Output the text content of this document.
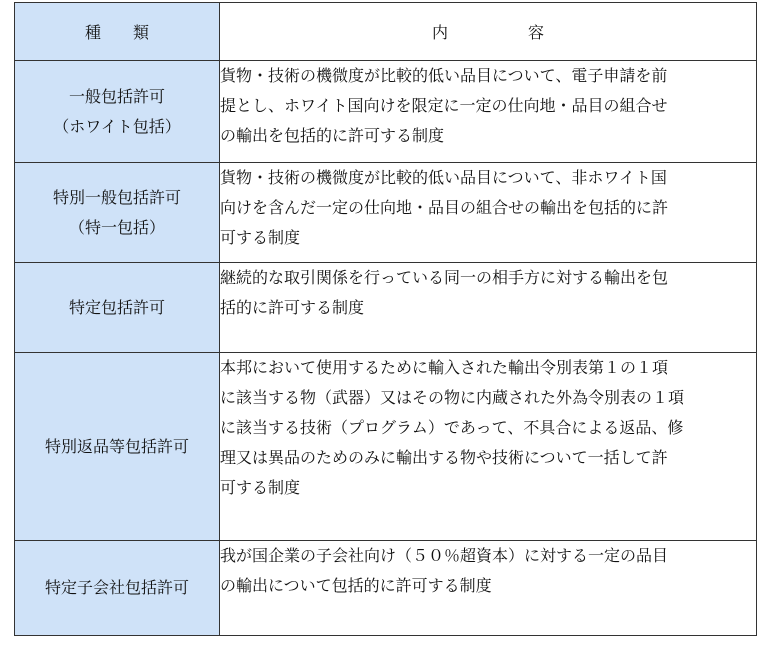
種　　類	内　　　　　容

一般包括許可
（ホワイト包括）	貨物・技術の機微度が比較的低い品目について、電子申請を前
提とし、ホワイト国向けを限定に一定の仕向地・品目の組合せ
の輸出を包括的に許可する制度

特別一般包括許可
（特一包括）	貨物・技術の機微度が比較的低い品目について、非ホワイト国
向けを含んだ一定の仕向地・品目の組合せの輸出を包括的に許
可する制度

特定包括許可	継続的な取引関係を行っている同一の相手方に対する輸出を包
括的に許可する制度

特別返品等包括許可	本邦において使用するために輸入された輸出令別表第１の１項
に該当する物（武器）又はその物に内蔵された外為令別表の１項
に該当する技術（プログラム）であって、不具合による返品、修
理又は異品のためのみに輸出する物や技術について一括して許
可する制度

特定子会社包括許可	我が国企業の子会社向け（５０％超資本）に対する一定の品目
の輸出について包括的に許可する制度
